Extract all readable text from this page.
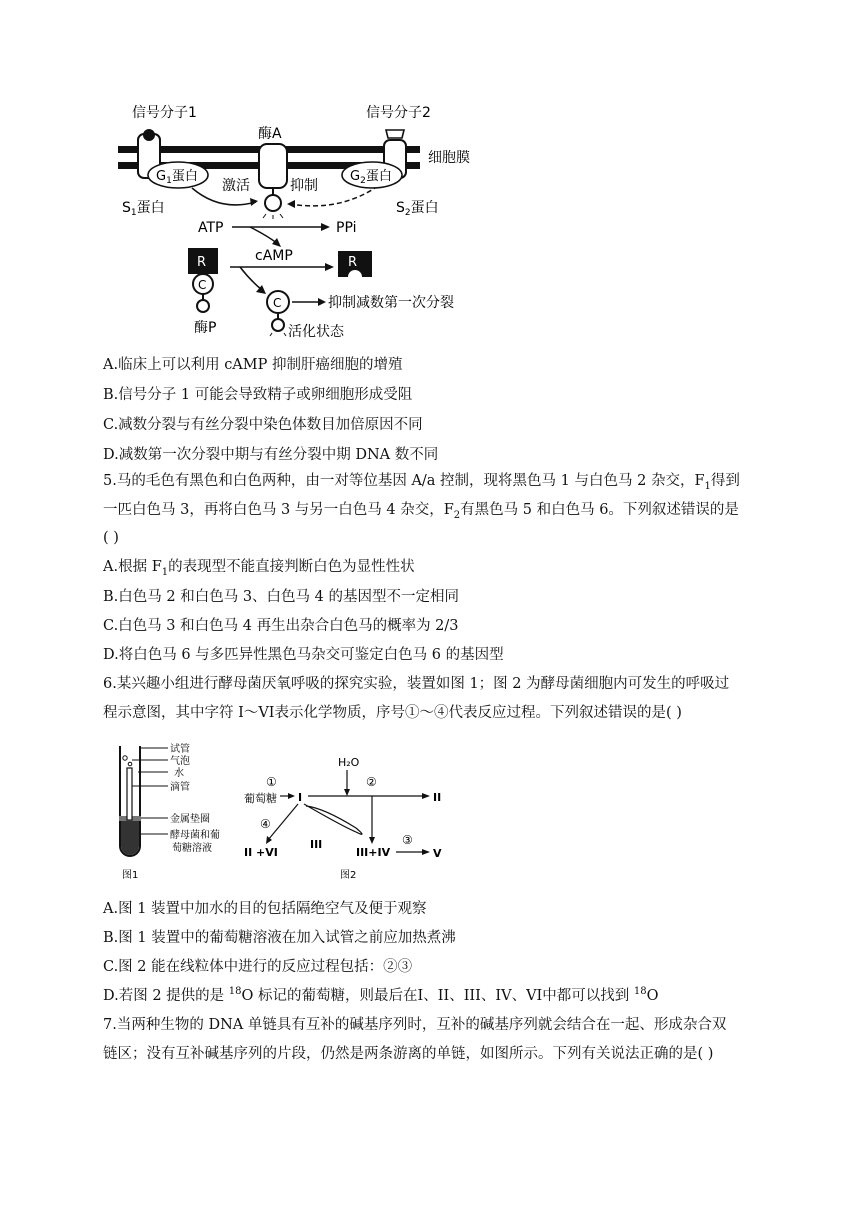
细胞膜
信号分子1
$G_1$蛋白
$S_1$蛋白
酶A
激活	抑制
信号分子2
$G_2$蛋白
$S_2$蛋白
ATP	PPi
cAMP
R
C
酶P
R
C	抑制减数第一次分裂
活化状态
A.临床上可以利用 cAMP 抑制肝癌细胞的增殖
B.信号分子 1 可能会导致精子或卵细胞形成受阻
C.减数分裂与有丝分裂中染色体数目加倍原因不同
D.减数第一次分裂中期与有丝分裂中期 DNA 数不同
5.马的毛色有黑色和白色两种，由一对等位基因 A/a 控制，现将黑色马 1 与白色马 2 杂交，$F_1$得到
一匹白色马 3，再将白色马 3 与另一白色马 4 杂交，$F_2$有黑色马 5 和白色马 6。下列叙述错误的是
( )
A.根据 $F_1$的表现型不能直接判断白色为显性性状
B.白色马 2 和白色马 3、白色马 4 的基因型不一定相同
C.白色马 3 和白色马 4 再生出杂合白色马的概率为 2/3
D.将白色马 6 与多匹异性黑色马杂交可鉴定白色马 6 的基因型
6.某兴趣小组进行酵母菌厌氧呼吸的探究实验，装置如图 1；图 2 为酵母菌细胞内可发生的呼吸过
程示意图，其中字符 I～VI表示化学物质，序号①～④代表反应过程。下列叙述错误的是( )
试管
气泡
水
滴管
金属垫圈
酵母菌和葡
萄糖溶液
图1
H₂O
葡萄糖
①
I	II
②
④
II +VI
III
III+IV
③
V
图2
A.图 1 装置中加水的目的包括隔绝空气及便于观察
B.图 1 装置中的葡萄糖溶液在加入试管之前应加热煮沸
C.图 2 能在线粒体中进行的反应过程包括：②③
D.若图 2 提供的是 $^{18}$O 标记的葡萄糖，则最后在I、II、III、IV、VI中都可以找到 $^{18}$O
7.当两种生物的 DNA 单链具有互补的碱基序列时，互补的碱基序列就会结合在一起、形成杂合双
链区；没有互补碱基序列的片段，仍然是两条游离的单链，如图所示。下列有关说法正确的是( )
